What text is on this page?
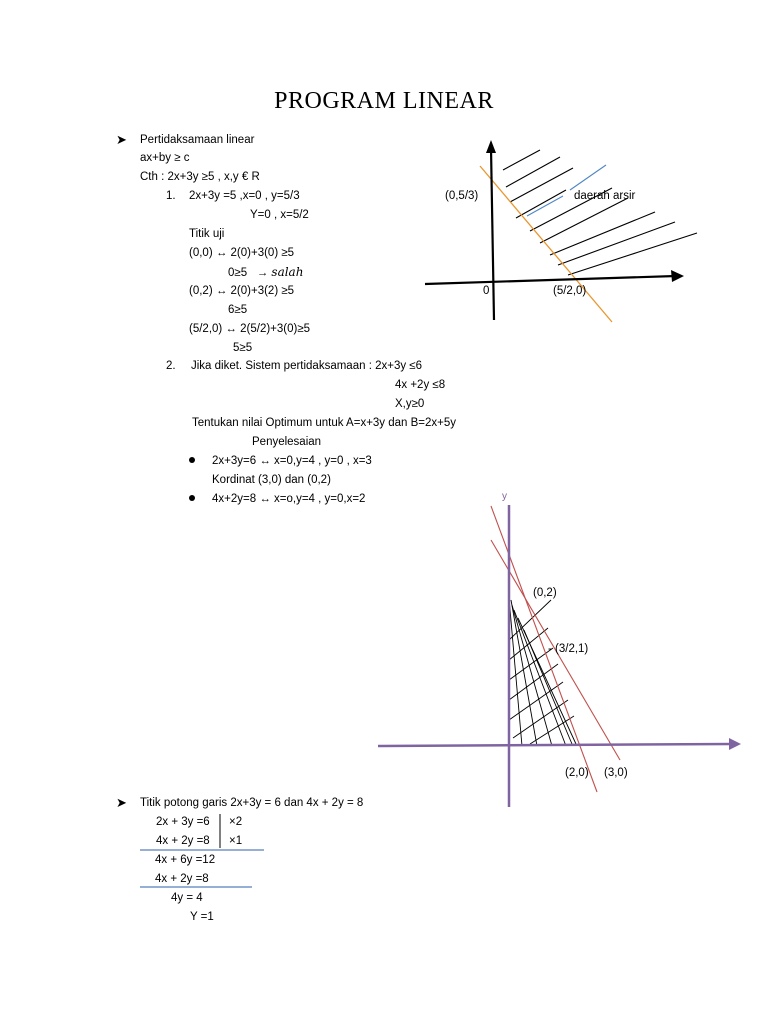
PROGRAM LINEAR
➤ Pertidaksamaan linear
ax+by ≥ c
Cth : 2x+3y ≥5 , x,y € R
1. 2x+3y =5 ,x=0 , y=5/3
Y=0 , x=5/2
Titik uji
(0,0) ↔ 2(0)+3(0) ≥5
0≥5 → salah
(0,2) ↔ 2(0)+3(2) ≥5
6≥5
(5/2,0) ↔ 2(5/2)+3(0)≥5
5≥5
(0,5/3)	daerah arsir
0	(5/2,0)
2. Jika diket. Sistem pertidaksamaan : 2x+3y ≤6
4x +2y ≤8
X,y≥0
Tentukan nilai Optimum untuk A=x+3y dan B=2x+5y
Penyelesaian
2x+3y=6 ↔ x=0,y=4 , y=0 , x=3
Kordinat (3,0) dan (0,2)
4x+2y=8 ↔ x=o,y=4 , y=0,x=2	y
(0,2)
- (3/2,1)
(2,0) (3,0)
➤ Titik potong garis 2x+3y = 6 dan 4x + 2y = 8
2x + 3y =6 ×2
4x + 2y =8 ×1
4x + 6y =12
4x + 2y =8
4y = 4
Y =1
